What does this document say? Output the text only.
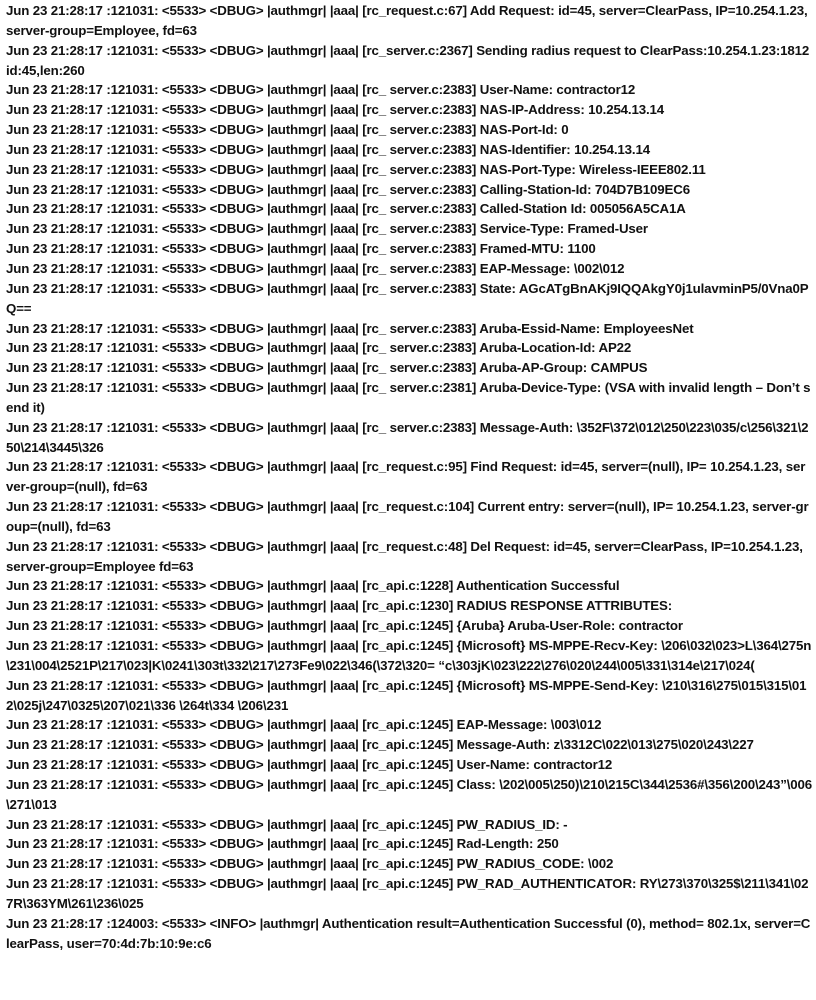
Jun 23 21:28:17 :121031: <5533> <DBUG> |authmgr| |aaa| [rc_request.c:67] Add Request: id=45, server=ClearPass, IP=10.254.1.23, server-group=Employee, fd=63
Jun 23 21:28:17 :121031: <5533> <DBUG> |authmgr| |aaa| [rc_server.c:2367] Sending radius request to ClearPass:10.254.1.23:1812 id:45,len:260
Jun 23 21:28:17 :121031: <5533> <DBUG> |authmgr| |aaa| [rc_ server.c:2383] User-Name: contractor12
Jun 23 21:28:17 :121031: <5533> <DBUG> |authmgr| |aaa| [rc_ server.c:2383] NAS-IP-Address: 10.254.13.14
Jun 23 21:28:17 :121031: <5533> <DBUG> |authmgr| |aaa| [rc_ server.c:2383] NAS-Port-Id: 0
Jun 23 21:28:17 :121031: <5533> <DBUG> |authmgr| |aaa| [rc_ server.c:2383] NAS-Identifier: 10.254.13.14
Jun 23 21:28:17 :121031: <5533> <DBUG> |authmgr| |aaa| [rc_ server.c:2383] NAS-Port-Type: Wireless-IEEE802.11
Jun 23 21:28:17 :121031: <5533> <DBUG> |authmgr| |aaa| [rc_ server.c:2383] Calling-Station-Id: 704D7B109EC6
Jun 23 21:28:17 :121031: <5533> <DBUG> |authmgr| |aaa| [rc_ server.c:2383] Called-Station Id: 005056A5CA1A
Jun 23 21:28:17 :121031: <5533> <DBUG> |authmgr| |aaa| [rc_ server.c:2383] Service-Type: Framed-User
Jun 23 21:28:17 :121031: <5533> <DBUG> |authmgr| |aaa| [rc_ server.c:2383] Framed-MTU: 1100
Jun 23 21:28:17 :121031: <5533> <DBUG> |authmgr| |aaa| [rc_ server.c:2383] EAP-Message: \002\012
Jun 23 21:28:17 :121031: <5533> <DBUG> |authmgr| |aaa| [rc_ server.c:2383] State: AGcATgBnAKj9IQQAkgY0j1ulavminP5/0Vna0PQ==
Jun 23 21:28:17 :121031: <5533> <DBUG> |authmgr| |aaa| [rc_ server.c:2383] Aruba-Essid-Name: EmployeesNet
Jun 23 21:28:17 :121031: <5533> <DBUG> |authmgr| |aaa| [rc_ server.c:2383] Aruba-Location-Id: AP22
Jun 23 21:28:17 :121031: <5533> <DBUG> |authmgr| |aaa| [rc_ server.c:2383] Aruba-AP-Group: CAMPUS
Jun 23 21:28:17 :121031: <5533> <DBUG> |authmgr| |aaa| [rc_ server.c:2381] Aruba-Device-Type: (VSA with invalid length – Don’t send it)
Jun 23 21:28:17 :121031: <5533> <DBUG> |authmgr| |aaa| [rc_ server.c:2383] Message-Auth: \352F\372\012\250\223\035/c\256\321\250\214\3445\326
Jun 23 21:28:17 :121031: <5533> <DBUG> |authmgr| |aaa| [rc_request.c:95] Find Request: id=45, server=(null), IP= 10.254.1.23, server-group=(null), fd=63
Jun 23 21:28:17 :121031: <5533> <DBUG> |authmgr| |aaa| [rc_request.c:104] Current entry: server=(null), IP= 10.254.1.23, server-group=(null), fd=63
Jun 23 21:28:17 :121031: <5533> <DBUG> |authmgr| |aaa| [rc_request.c:48] Del Request: id=45, server=ClearPass, IP=10.254.1.23, server-group=Employee fd=63
Jun 23 21:28:17 :121031: <5533> <DBUG> |authmgr| |aaa| [rc_api.c:1228] Authentication Successful
Jun 23 21:28:17 :121031: <5533> <DBUG> |authmgr| |aaa| [rc_api.c:1230] RADIUS RESPONSE ATTRIBUTES:
Jun 23 21:28:17 :121031: <5533> <DBUG> |authmgr| |aaa| [rc_api.c:1245] {Aruba} Aruba-User-Role: contractor
Jun 23 21:28:17 :121031: <5533> <DBUG> |authmgr| |aaa| [rc_api.c:1245] {Microsoft} MS-MPPE-Recv-Key: \206\032\023>L\364\275n\231\004\2521P\217\023|K\0241\303t\332\217\273Fe9\022\346(\372\320= “c\303jK\023\222\276\020\244\005\331\314e\217\024(
Jun 23 21:28:17 :121031: <5533> <DBUG> |authmgr| |aaa| [rc_api.c:1245] {Microsoft} MS-MPPE-Send-Key: \210\316\275\015\315\012\025j\247\0325\207\021\336 \264t\334 \206\231
Jun 23 21:28:17 :121031: <5533> <DBUG> |authmgr| |aaa| [rc_api.c:1245] EAP-Message: \003\012
Jun 23 21:28:17 :121031: <5533> <DBUG> |authmgr| |aaa| [rc_api.c:1245] Message-Auth: z\3312C\022\013\275\020\243\227
Jun 23 21:28:17 :121031: <5533> <DBUG> |authmgr| |aaa| [rc_api.c:1245] User-Name: contractor12
Jun 23 21:28:17 :121031: <5533> <DBUG> |authmgr| |aaa| [rc_api.c:1245] Class: \202\005\250)\210\215C\344\2536#\356\200\243”\006\271\013
Jun 23 21:28:17 :121031: <5533> <DBUG> |authmgr| |aaa| [rc_api.c:1245] PW_RADIUS_ID: -
Jun 23 21:28:17 :121031: <5533> <DBUG> |authmgr| |aaa| [rc_api.c:1245] Rad-Length: 250
Jun 23 21:28:17 :121031: <5533> <DBUG> |authmgr| |aaa| [rc_api.c:1245] PW_RADIUS_CODE: \002
Jun 23 21:28:17 :121031: <5533> <DBUG> |authmgr| |aaa| [rc_api.c:1245] PW_RAD_AUTHENTICATOR: RY\273\370\325$\211\341\027R\363YM\261\236\025
Jun 23 21:28:17 :124003: <5533> <INFO> |authmgr| Authentication result=Authentication Successful (0), method= 802.1x, server=ClearPass, user=70:4d:7b:10:9e:c6
